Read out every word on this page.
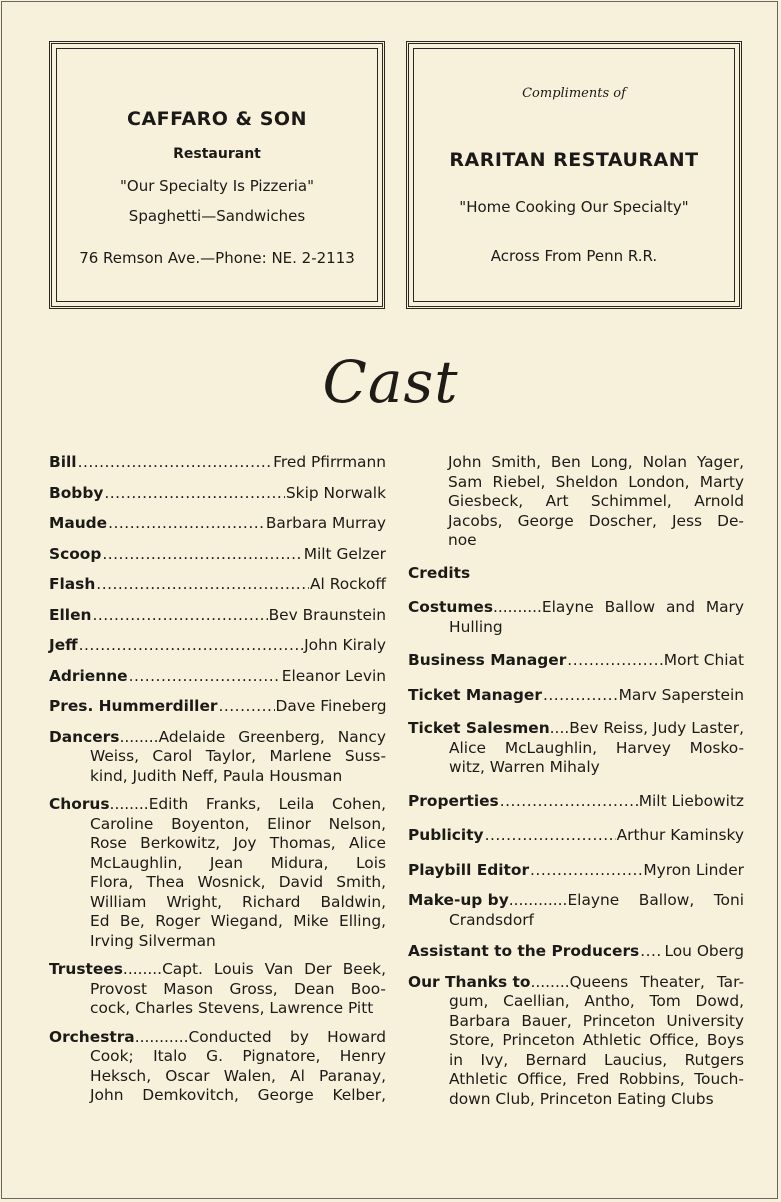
CAFFARO & SON
Restaurant
"Our Specialty Is Pizzeria"
Spaghetti—Sandwiches
76 Remson Ave.—Phone: NE. 2-2113
Compliments of
RARITAN RESTAURANT
"Home Cooking Our Specialty"
Across From Penn R.R.
Cast
Bill .....	Fred Pfirrmann
Bobby .....	Skip Norwalk
Maude .....	Barbara Murray
Scoop .....	Milt Gelzer
Flash .....	Al Rockoff
Ellen .....	Bev Braunstein
Jeff .....	John Kiraly
Adrienne .....	Eleanor Levin
Pres. Hummerdiller .....	Dave Fineberg
Dancers ........ Adelaide Greenberg, Nancy
Weiss, Carol Taylor, Marlene Suss-
kind, Judith Neff, Paula Housman
Chorus ........ Edith Franks, Leila Cohen,
Caroline Boyenton, Elinor Nelson,
Rose Berkowitz, Joy Thomas, Alice
McLaughlin, Jean Midura, Lois
Flora, Thea Wosnick, David Smith,
William Wright, Richard Baldwin,
Ed Be, Roger Wiegand, Mike Elling,
Irving Silverman
Trustees ........ Capt. Louis Van Der Beek,
Provost Mason Gross, Dean Boo-
cock, Charles Stevens, Lawrence Pitt
Orchestra ........... Conducted by Howard
Cook; Italo G. Pignatore, Henry
Heksch, Oscar Walen, Al Paranay,
John Demkovitch, George Kelber,
John Smith, Ben Long, Nolan Yager,
Sam Riebel, Sheldon London, Marty
Giesbeck, Art Schimmel, Arnold
Jacobs, George Doscher, Jess De-
noe
Credits
Costumes .......... Elayne Ballow and Mary
Hulling
Business Manager .....	Mort Chiat
Ticket Manager .....	Marv Saperstein
Ticket Salesmen .... Bev Reiss, Judy Laster,
Alice McLaughlin, Harvey Mosko-
witz, Warren Mihaly
Properties .....	Milt Liebowitz
Publicity .....	Arthur Kaminsky
Playbill Editor .....	Myron Linder
Make-up by ............ Elayne Ballow, Toni
Crandsdorf
Assistant to the Producers ..... Lou Oberg
Our Thanks to ........ Queens Theater, Tar-
gum, Caellian, Antho, Tom Dowd,
Barbara Bauer, Princeton University
Store, Princeton Athletic Office, Boys
in Ivy, Bernard Laucius, Rutgers
Athletic Office, Fred Robbins, Touch-
down Club, Princeton Eating Clubs
